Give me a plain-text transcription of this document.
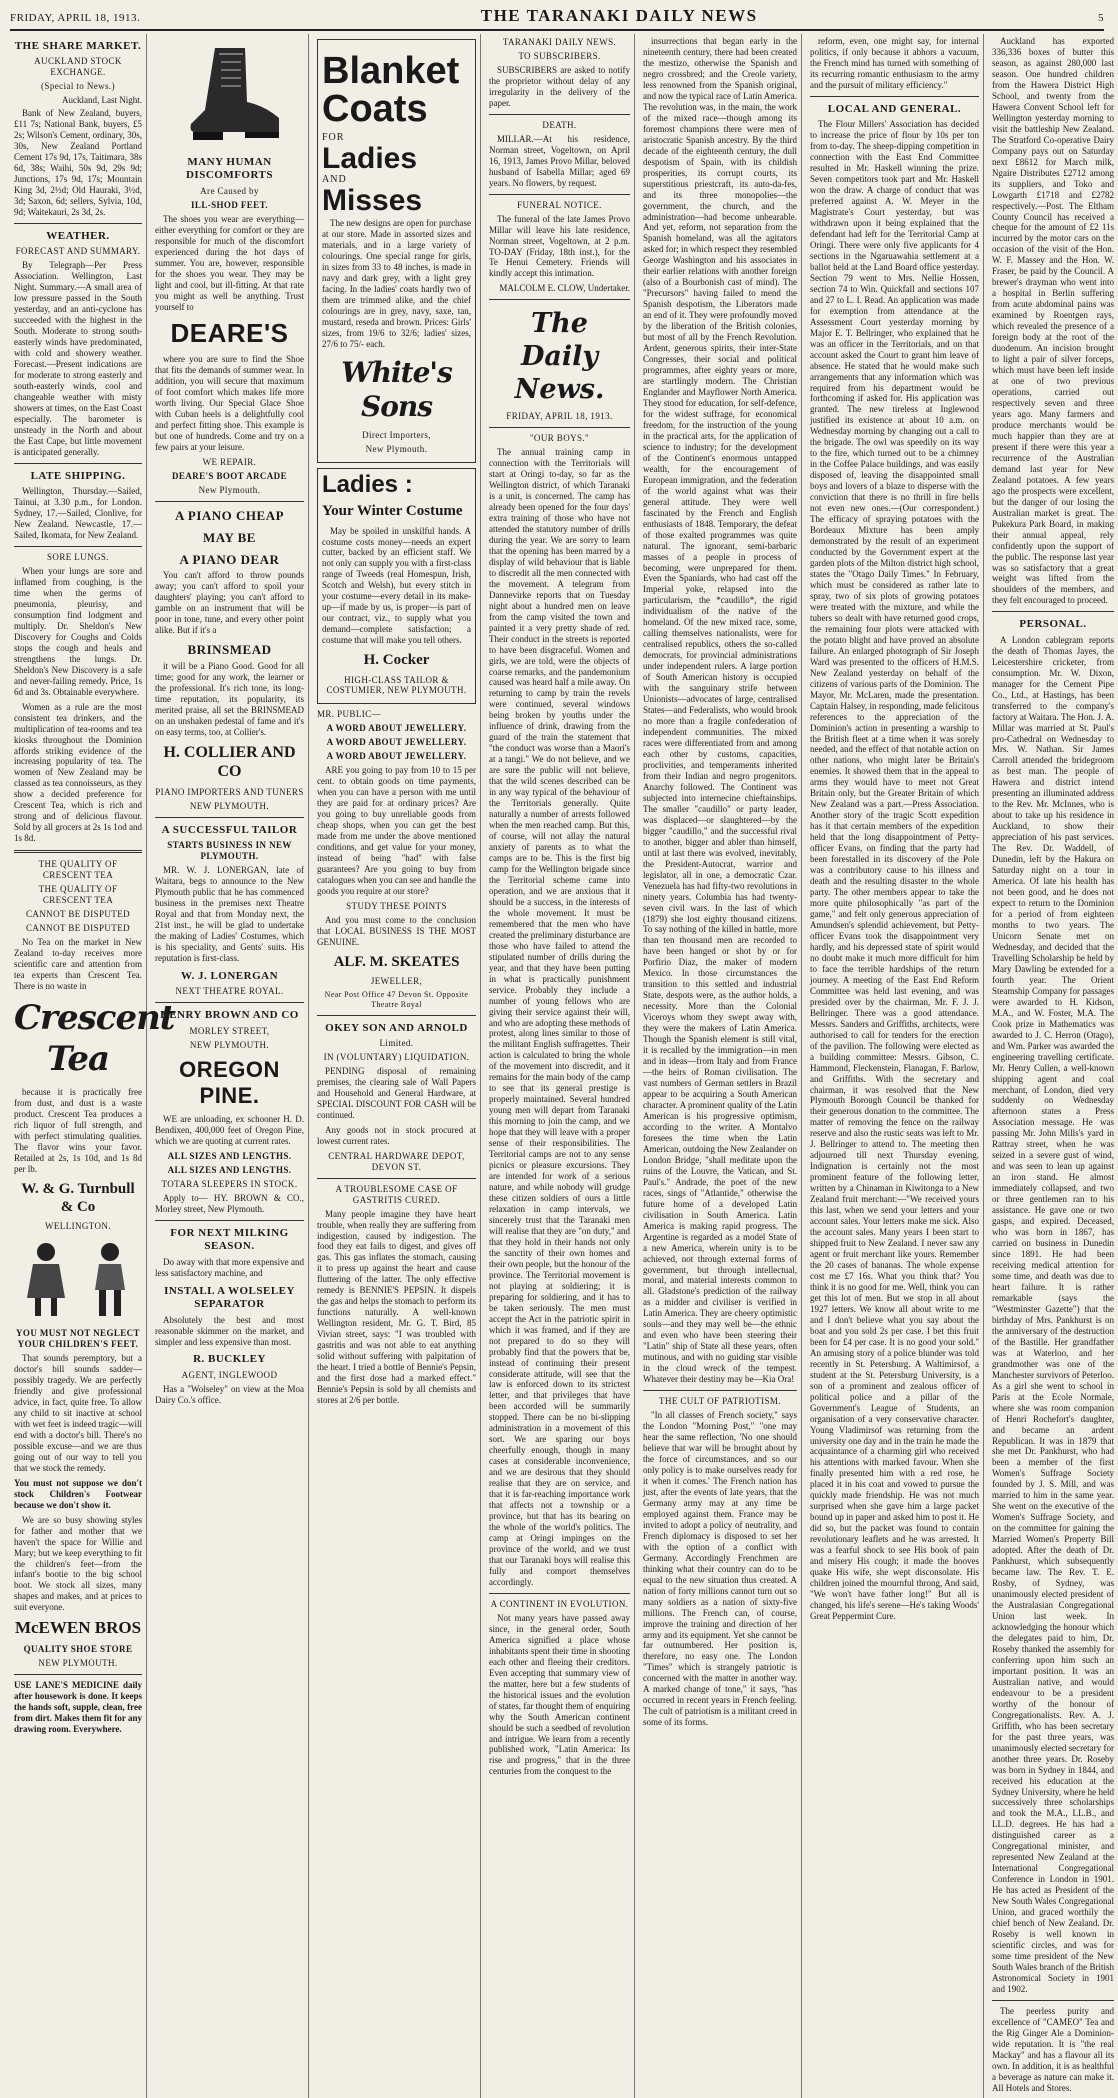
FRIDAY, APRIL 18, 1913.	THE TARANAKI DAILY NEWS	5
THE SHARE MARKET.
AUCKLAND STOCK EXCHANGE.
(Special to News.)
Auckland, Last Night.

Bank of New Zealand, buyers, £11 7s; National Bank, buyers, £5 2s; Wilson's Cement, ordinary, 30s, 30s, New Zealand Portland Cement 17s 9d, 17s, Taitimara, 38s 6d, 38s; Waihi, 50s 9d, 29s 9d; Junctions, 17s 9d, 17s; Mountain King 3d, 2½d; Old Hauraki, 3½d, 3d; Saxon, 6d; sellers, Sylvia, 10d, 9d; Waitekauri, 2s 3d, 2s.

WEATHER.
FORECAST AND SUMMARY.

By Telegraph—Per Press Association. Wellington, Last Night. Summary.—A small area of low pressure passed in the South yesterday, and an anti-cyclone has succeeded with the highest in the South. Moderate to strong south-easterly winds have predominated, with cold and showery weather. Forecast.—Present indications are for moderate to strong easterly and south-easterly winds, cool and changeable weather with misty showers at times, on the East Coast especially. The barometer is unsteady in the North and about the East Cape, but little movement is anticipated generally.

LATE SHIPPING.

Wellington, Thursday.—Sailed, Tainui, at 3.30 p.m., for London. Sydney, 17.—Sailed, Clonlive, for New Zealand. Newcastle, 17.—Sailed, Ikomata, for New Zealand.

SORE LUNGS.

When your lungs are sore and inflamed from coughing, is the time when the germs of pneumonia, pleurisy, and consumption find lodgment and multiply. Dr. Sheldon's New Discovery for Coughs and Colds stops the cough and heals and strengthens the lungs. Dr. Sheldon's New Discovery is a safe and never-failing remedy. Price, 1s 6d and 3s. Obtainable everywhere.

Women as a rule are the most consistent tea drinkers, and the multiplication of tea-rooms and tea kiosks throughout the Dominion affords striking evidence of the increasing popularity of tea. The women of New Zealand may be classed as tea connoisseurs, as they show a decided preference for Crescent Tea, which is rich and strong and of delicious flavour. Sold by all grocers at 2s 1s 1od and 1s 8d.

THE QUALITY OF CRESCENT TEA
THE QUALITY OF CRESCENT TEA
CANNOT BE DISPUTED
CANNOT BE DISPUTED

No Tea on the market in New Zealand to-day receives more scientific care and attention from tea experts than Crescent Tea. There is no waste in

Crescent Tea

because it is practically free from dust, and dust is a waste product. Crescent Tea produces a rich liquor of full strength, and with perfect stimulating qualities. The flavor wins your favor. Retailed at 2s, 1s 10d, and 1s 8d per lb.

W. & G. Turnbull & Co
WELLINGTON.
YOU MUST NOT NEGLECT YOUR CHILDREN'S FEET.

That sounds peremptory, but a doctor's bill sounds sadder—possibly tragedy. We are perfectly friendly and give professional advice, in fact, quite free. To allow any child to sit inactive at school with wet feet is indeed tragic—will end with a doctor's bill. There's no possible excuse—and we are thus going out of our way to tell you that we stock the remedy.

You must not suppose we don't stock Children's Footwear because we don't show it.

We are so busy showing styles for father and mother that we haven't the space for Willie and Mary; but we keep everything to fit the children's feet—from the infant's bootie to the big school boot. We stock all sizes, many shapes and makes, and at prices to suit everyone.

McEWEN BROS
QUALITY SHOE STORE
NEW PLYMOUTH.

USE LANE'S MEDICINE daily after housework is done. It keeps the hands soft, supple, clean, free from dirt. Makes them fit for any drawing room. Everywhere.

MANY HUMAN DISCOMFORTS
Are Caused by
ILL-SHOD FEET.

The shoes you wear are everything—either everything for comfort or they are responsible for much of the discomfort experienced during the hot days of summer. You are, however, responsible for the shoes you wear. They may be light and cool, but ill-fitting. At that rate you might as well be anything. Trust yourself to

DEARE'S

where you are sure to find the Shoe that fits the demands of summer wear. In addition, you will secure that maximum of foot comfort which makes life more worth living. Our Special Glace Shoe with Cuban heels is a delightfully cool and perfect fitting shoe. This example is but one of hundreds. Come and try on a few pairs at your leisure.

WE REPAIR.
DEARE'S BOOT ARCADE
New Plymouth.
A PIANO CHEAP
MAY BE
A PIANO DEAR

You can't afford to throw pounds away; you can't afford to spoil your daughters' playing; you can't afford to gamble on an instrument that will be poor in tone, tune, and every other point alike. But if it's a

BRINSMEAD

it will be a Piano Good. Good for all time; good for any work, the learner or the professional. It's rich tone, its long-time reputation, its popularity, its merited praise, all set the BRINSMEAD on an unshaken pedestal of fame and it's on easy terms, too, at Collier's.

H. COLLIER AND CO
PIANO IMPORTERS AND TUNERS
NEW PLYMOUTH.
A SUCCESSFUL TAILOR
STARTS BUSINESS IN NEW PLYMOUTH.

MR. W. J. LONERGAN, late of Waitara, begs to announce to the New Plymouth public that he has commenced business in the premises next Theatre Royal and that from Monday next, the 21st inst., he will be glad to undertake the making of Ladies' Costumes, which is his speciality, and Gents' suits. His reputation is first-class.

W. J. LONERGAN
NEXT THEATRE ROYAL.
HENRY BROWN AND CO
MORLEY STREET,
NEW PLYMOUTH.
OREGON PINE.

WE are unloading, ex schooner H. D. Bendixen, 400,000 feet of Oregon Pine, which we are quoting at current rates.

ALL SIZES AND LENGTHS.
ALL SIZES AND LENGTHS.
TOTARA SLEEPERS IN STOCK.

Apply to— HY. BROWN & CO., Morley street, New Plymouth.

FOR NEXT MILKING SEASON.

Do away with that more expensive and less satisfactory machine, and

INSTALL A WOLSELEY SEPARATOR

Absolutely the best and most reasonable skimmer on the market, and simpler and less expensive than most.

R. BUCKLEY
AGENT, INGLEWOOD

Has a "Wolseley" on view at the Moa Dairy Co.'s office.

Blanket Coats
FOR
Ladies
AND
Misses

The new designs are open for purchase at our store. Made in assorted sizes and materials, and in a large variety of colourings. One special range for girls, in sizes from 33 to 48 inches, is made in navy and dark grey, with a light grey facing. In the ladies' coats hardly two of them are trimmed alike, and the chief colourings are in grey, navy, saxe, tan, mustard, reseda and brown. Prices: Girls' sizes, from 19/6 to 32/6; ladies' sizes, 27/6 to 75/- each.

White's Sons
Direct Importers,
New Plymouth.
Ladies :
Your Winter Costume

May be spoiled in unskilful hands. A costume costs money—needs an expert cutter, backed by an efficient staff. We not only can supply you with a first-class range of Tweeds (real Homespun, Irish, Scotch and Welsh), but every stitch in your costume—every detail in its make-up—if made by us, is proper—is part of our contract, viz., to supply what you demand—complete satisfaction; a costume that will make you tell others.

H. Cocker
HIGH-CLASS TAILOR & COSTUMIER, NEW PLYMOUTH.
MR. PUBLIC—
A WORD ABOUT JEWELLERY.
A WORD ABOUT JEWELLERY.
A WORD ABOUT JEWELLERY.

ARE you going to pay from 10 to 15 per cent. to obtain goods on time payments, when you can have a person with me until they are paid for at ordinary prices? Are you going to buy unreliable goods from cheap shops, when you can get the best made from me under the above mentioned conditions, and get value for your money, instead of being "had" with false guarantees? Are you going to buy from catalogues when you can see and handle the goods you require at our store?

STUDY THESE POINTS

And you must come to the conclusion that LOCAL BUSINESS IS THE MOST GENUINE.

ALF. M. SKEATES
JEWELLER,
Near Post Office 47 Devon St. Opposite Theatre Royal
OKEY SON AND ARNOLD
Limited.
IN (VOLUNTARY) LIQUIDATION.

PENDING disposal of remaining premises, the clearing sale of Wall Papers and Household and General Hardware, at SPECIAL DISCOUNT FOR CASH will be continued.

Any goods not in stock procured at lowest current rates.

CENTRAL HARDWARE DEPOT, DEVON ST.
A TROUBLESOME CASE OF GASTRITIS CURED.

Many people imagine they have heart trouble, when really they are suffering from indigestion, caused by indigestion. The food they eat fails to digest, and gives off gas. This gas inflates the stomach, causing it to press up against the heart and cause fluttering of the latter. The only effective remedy is BENNIE'S PEPSIN. It dispels the gas and helps the stomach to perform its functions naturally. A well-known Wellington resident, Mr. G. T. Bird, 85 Vivian street, says: "I was troubled with gastritis and was not able to eat anything solid without suffering with palpitation of the heart. I tried a bottle of Bennie's Pepsin, and the first dose had a marked effect." Bennie's Pepsin is sold by all chemists and stores at 2/6 per bottle.

TARANAKI DAILY NEWS.
TO SUBSCRIBERS.

SUBSCRIBERS are asked to notify the proprietor without delay of any irregularity in the delivery of the paper.

DEATH.

MILLAR.—At his residence, Norman street, Vogeltown, on April 16, 1913, James Provo Millar, beloved husband of Isabella Millar; aged 69 years. No flowers, by request.

FUNERAL NOTICE.

The funeral of the late James Provo Millar will leave his late residence, Norman street, Vogeltown, at 2 p.m. TO-DAY (Friday, 18th inst.), for the Te Henui Cemetery. Friends will kindly accept this intimation.

MALCOLM E. CLOW, Undertaker.
The Daily News.
FRIDAY, APRIL 18, 1913.
"OUR BOYS."

The annual training camp in connection with the Territorials will start at Oringi to-day, so far as the Wellington district, of which Taranaki is a unit, is concerned. The camp has already been opened for the four days' extra training of those who have not attended the statutory number of drills during the year. We are sorry to learn that the opening has been marred by a display of wild behaviour that is liable to discredit all the men connected with the movement. A telegram from Dannevirke reports that on Tuesday night about a hundred men on leave from the camp visited the town and painted it a very pretty shade of red. Their conduct in the streets is reported to have been disgraceful. Women and girls, we are told, were the objects of coarse remarks, and the pandemonium caused was heard half a mile away. On returning to camp by train the revels were continued, several windows being broken by youths under the influence of drink, drawing from the guard of the train the statement that "the conduct was worse than a Maori's at a tangi." We do not believe, and we are sure the public will not believe, that the wild scenes described can be in any way typical of the behaviour of the Territorials generally. Quite naturally a number of arrests followed when the men reached camp. But this, of course, will not allay the natural anxiety of parents as to what the camps are to be. This is the first big camp for the Wellington brigade since the Territorial scheme came into operation, and we are anxious that it should be a success, in the interests of the whole movement. It must be remembered that the men who have created the preliminary disturbance are those who have failed to attend the stipulated number of drills during the year, and that they have been putting in what is practically punishment service. Probably they include a number of young fellows who are giving their service against their will, and who are adopting these methods of protest, along lines similar to those of the militant English suffragettes. Their action is calculated to bring the whole of the movement into discredit, and it remains for the main body of the camp to see that its general prestige is properly maintained. Several hundred young men will depart from Taranaki this morning to join the camp, and we hope that they will leave with a proper sense of their responsibilities. The Territorial camps are not to any sense picnics or pleasure excursions. They are intended for work of a serious nature, and while nobody will grudge these citizen soldiers of ours a little relaxation in camp intervals, we sincerely trust that the Taranaki men will realise that they are "on duty," and that they hold in their hands not only the sanctity of their own homes and their own people, but the honour of the province. The Territorial movement is not playing at soldiering; it is preparing for soldiering, and it has to be taken seriously. The men must accept the Act in the patriotic spirit in which it was framed, and if they are not prepared to do so they will probably find that the powers that be, instead of continuing their present considerate attitude, will see that the law is enforced down to its strictest letter, and that privileges that have been accorded will be summarily stopped. There can be no bi-slipping administration in a movement of this sort. We are sparing our boys cheerfully enough, though in many cases at considerable inconvenience, and we are desirous that they should realise that they are on service, and that it is far-reaching importance work that affects not a township or a province, but that has its bearing on the whole of the world's politics. The camp at Oringi impinges on the province of the world, and we trust that our Taranaki boys will realise this fully and comport themselves accordingly.

A CONTINENT IN EVOLUTION.

Not many years have passed away since, in the general order, South America signified a place whose inhabitants spent their time in shooting each other and fleeing their creditors. Even accepting that summary view of the matter, here but a few students of the historical issues and the evolution of states, far thought them of enquiring why the South American continent should be such a seedbed of revolution and intrigue. We learn from a recently published work, "Latin America: Its rise and progress," that in the three centuries from the conquest to the

insurrections that began early in the nineteenth century, there had been created the mestizo, otherwise the Spanish and negro crossbred; and the Creole variety, less renowned from the Spanish original, and now the typical race of Latin America. The revolution was, in the main, the work of the mixed race—though among its foremost champions there were men of aristocratic Spanish ancestry. By the third decade of the eighteenth century, the dull despotism of Spain, with its childish prosperities, its corrupt courts, its superstitious priestcraft, its auto-da-fes, and its three monopolies—the government, the church, and the administration—had become unbearable. And yet, reform, not separation from the Spanish homeland, was all the agitators asked for; in which respect they resembled George Washington and his associates in their earlier relations with another foreign (also of a Bourbonish cast of mind). The "Precursors" having failed to mend the Spanish despotism, the Liberators made an end of it. They were profoundly moved by the liberation of the British colonies, but most of all by the French Revolution. Ardent, generous spirits, their inter-State Congresses, their social and political programmes, after eighty years or more, are startlingly modern. The Christian Englander and Mayflower North America. They stood for education, for self-defence, for the widest suffrage, for economical freedom, for the instruction of the young in the practical arts, for the application of science to industry; for the development of the Continent's enormous untapped wealth, for the encouragement of European immigration, and the federation of the world against what was their general attitude. They were well fascinated by the French and English enthusiasts of 1848. Temporary, the defeat of those exalted programmes was quite natural. The ignorant, semi-barbaric masses of a people in process of becoming, were unprepared for them. Even the Spaniards, who had cast off the Imperial yoke, relapsed into the particularism, the *caudillo*, the rigid individualism of the native of the homeland. Of the new mixed race, some, calling themselves nationalists, were for centralised republics, others the so-called democrats, for provincial administrations under independent rulers. A large portion of South American history is occupied with the sanguinary strife between Unionists—advocates of large, centralised States—and Federalists, who would brook no more than a fragile confederation of independent communities. The mixed races were differentiated from and among each other by customs, capacities, proclivities, and temperaments inherited from their Indian and negro progenitors. Anarchy followed. The Continent was subjected into internecine chieftainships. The smaller "caudillo" or party leader, was displaced—or slaughtered—by the bigger "caudillo," and the successful rival to another, bigger and abler than himself, until at last there was evolved, inevitably, the President-Autocrat, warrior and legislator, all in one, a democratic Czar. Venezuela has had fifty-two revolutions in ninety years. Columbia has had twenty-seven civil wars. In the last of which (1879) she lost eighty thousand citizens. To say nothing of the killed in battle, more than ten thousand men are recorded to have been hanged or shot by or for Porfirio Diaz, the maker of modern Mexico. In those circumstances the transition to this settled and industrial State, despots were, as the author holds, a necessity. More than the Colonial Viceroys whom they swept away with, they were the makers of Latin America. Though the Spanish element is still vital, it is recalled by the immigration—in men and in ideas—from Italy and from France—the heirs of Roman civilisation. The vast numbers of German settlers in Brazil appear to be acquiring a South American character. A prominent quality of the Latin American is his progressive optimism, according to the writer. A Montalvo foresees the time when the Latin American, outdoing the New Zealander on London Bridge, "shall meditate upon the ruins of the Louvre, the Vatican, and St. Paul's." Andrade, the poet of the new races, sings of "Atlantide," otherwise the future home of a developed Latin civilisation in South America. Latin America is making rapid progress. The Argentine is regarded as a model State of a new America, wherein unity is to be achieved, not through external forms of government, but through intellectual, moral, and material interests common to all. Gladstone's prediction of the railway as a midder and civiliser is verified in Latin America. They are cheery optimistic souls—and they may well be—the ethnic and even who have been steering their "Latin" ship of State all these years, often mutinous, and with no guiding star visible in the cloud wreck of the tempest. Whatever their destiny may be—Kia Ora!

THE CULT OF PATRIOTISM.

"In all classes of French society," says the London "Morning Post," "one may hear the same reflection, 'No one should believe that war will be brought about by the force of circumstances, and so our only policy is to make ourselves ready for it when it comes.' The French nation has just, after the events of late years, that the Germany army may at any time be employed against them. France may be invited to adopt a policy of neutrality, and French diplomacy is disposed to set her with the option of a conflict with Germany. Accordingly Frenchmen are thinking what their country can do to be equal to the new situation thus created. A nation of forty millions cannot turn out so many soldiers as a nation of sixty-five millions. The French can, of course, improve the training and direction of her army and its equipment. Yet she cannot be far outnumbered. Her position is, therefore, no easy one. The London "Times" which is strangely patriotic is concerned with the matter in another way. A marked change of tone," it says, "has occurred in recent years in French feeling. The cult of patriotism is a militant creed in some of its forms.

reform, even, one might say, for internal politics, if only because it abhors a vacuum, the French mind has turned with something of its recurring romantic enthusiasm to the army and the pursuit of military efficiency."

LOCAL AND GENERAL.

The Flour Millers' Association has decided to increase the price of flour by 10s per ton from to-day. The sheep-dipping competition in connection with the East End Committee resulted in Mr. Haskell winning the prize. Seven competitors took part and Mr. Haskell won the draw. A charge of conduct that was preferred against A. W. Meyer in the Magistrate's Court yesterday, but was withdrawn upon it being explained that the defendant had left for the Territorial Camp at Oringi. There were only five applicants for 4 sections in the Ngaruawahia settlement at a ballot held at the Land Board office yesterday. Section 79 went to Mrs. Nellie Hossen, section 74 to Win. Quickfall and sections 107 and 27 to L. I. Read. An application was made for exemption from attendance at the Assessment Court yesterday morning by Major E. T. Bellringer, who explained that he was an officer in the Territorials, and on that account asked the Court to grant him leave of absence. He stated that he would make such arrangements that any information which was required from his department would be forthcoming if asked for. His application was granted. The new tireless at Inglewood justified its existence at about 10 a.m. on Wednesday morning by changing out a call to the brigade. The owl was speedily on its way to the fire, which turned out to be a chimney in the Coffee Palace buildings, and was easily disposed of, leaving the disappointed small boys and lovers of a blaze to disperse with the conviction that there is no thrill in fire bells not even new ones.—(Our correspondent.) The efficacy of spraying potatoes with the Bordeaux Mixture has been amply demonstrated by the result of an experiment conducted by the Government expert at the garden plots of the Milton district high school, states the "Otago Daily Times." In February, which must be considered as rather late to spray, two of six plots of growing potatoes were treated with the mixture, and while the tubers so dealt with have returned good crops, the remaining four plots were attacked with the potato blight and have proved an absolute failure. An enlarged photograph of Sir Joseph Ward was presented to the officers of H.M.S. New Zealand yesterday on behalf of the citizens of various parts of the Dominion. The Mayor, Mr. McLaren, made the presentation. Captain Halsey, in responding, made felicitous references to the appreciation of the Dominion's action in presenting a warship to the British fleet at a time when it was sorely needed, and the effect of that notable action on other nations, who might later be Britain's enemies. It showed them that in the appeal to arms they would have to meet not Great Britain only, but the Greater Britain of which New Zealand was a part.—Press Association. Another story of the tragic Scott expedition has it that certain members of the expedition held that the long disappointment of Petty-officer Evans, on finding that the party had been forestalled in its discovery of the Pole was a contributory cause to his illness and death and the resulting disaster to the whole party. The other members appear to take the more quite philosophically "as part of the game," and felt only generous appreciation of Amundsen's splendid achievement, but Petty-officer Evans took the disappointment very hardly, and his depressed state of spirit would no doubt make it much more difficult for him to face the terrible hardships of the return journey. A meeting of the East End Reform Committee was held last evening, and was presided over by the chairman, Mr. F. J. J. Bellringer. There was a good attendance. Messrs. Sanders and Griffiths, architects, were authorised to call for tenders for the erection of the pavilion. The following were elected as a building committee: Messrs. Gibson, C. Hammond, Fleckenstein, Flanagan, F. Barlow, and Griffiths. With the secretary and chairman, it was resolved that the New Plymouth Borough Council be thanked for their generous donation to the committee. The matter of removing the fence on the railway reserve and also the rustic seats was left to Mr. J. Bellringer to attend to. The meeting then adjourned till next Thursday evening. Indignation is certainly not the most prominent feature of the following letter, written by a Chinaman in Kiwitonga to a New Zealand fruit merchant:—"We received yours this last, when we send your letters and your account sales. Your letters make me sick. Also the account sales. Many years I been start to shipped fruit to New Zealand. I never saw any agent or fruit merchant like yours. Remember the 20 cases of bananas. The whole expense cost me £7 16s. What you think that? You think it is no good for me. Well, think you can get this lot of men. But we stop in all about 1927 letters. We know all about write to me and I don't believe what you say about the boat and you sold 2s per case. I bet this fruit been for £4 per case. It is no good your sold." An amusing story of a police blunder was told recently in St. Petersburg. A Waltimirsof, a student at the St. Petersburg University, is a son of a prominent and zealous officer of political police and a pillar of the Government's League of Students, an organisation of a very conservative character. Young Vladimirsof was returning from the university one day and in the train he made the acquaintance of a charming girl who received his attentions with marked favour. When she finally presented him with a red rose, he placed it in his coat and vowed to pursue the quickly made friendship. He was not much surprised when she gave him a large packet bound up in paper and asked him to post it. He did so, but the packet was found to contain revolutionary leaflets and he was arrested. It was a fearful shock to see His book of pain and misery His cough; it made the hooves quake His wife, she wept disconsolate. His children joined the mournful throng, And said, "We won't have father long!" But all is changed, his life's serene—He's taking Woods' Great Peppermint Cure.

Auckland has exported 336,336 boxes of butter this season, as against 280,000 last season. One hundred children from the Hawera District High School, and twenty from the Hawera Convent School left for Wellington yesterday morning to visit the battleship New Zealand. The Stratford Co-operative Dairy Company pays out on Saturday next £8612 for March milk, Ngaire Distributes £2712 among its suppliers, and Toko and Lowgarth £1718 and £2782 respectively.—Post. The Eltham County Council has received a cheque for the amount of £2 11s incurred by the motor cars on the occasion of the visit of the Hon. W. F. Massey and the Hon. W. Fraser, be paid by the Council. A brewer's drayman who went into a hospital in Berlin suffering from acute abdominal pains was examined by Roentgen rays, which revealed the presence of a foreign body at the root of the duodenum. An incision brought to light a pair of silver forceps, which must have been left inside at one of two previous operations, carried out respectively seven and three years ago. Many farmers and produce merchants would be much happier than they are at present if there were this year a recurrence of the Australian demand last year for New Zealand potatoes. A few years ago the prospects were excellent, but the danger of our losing the Australian market is great. The Pukekura Park Board, in making their annual appeal, rely confidently upon the support of the public. The response last year was so satisfactory that a great weight was lifted from the shoulders of the members, and they felt encouraged to proceed.

PERSONAL.

A London cablegram reports the death of Thomas Jayes, the Leicestershire cricketer, from consumption. Mr. W. Dixon, manager for the Cement Pipe Co., Ltd., at Hastings, has been transferred to the company's factory at Waitara. The Hon. J. A. Millar was married at St. Paul's pro-Cathedral on Wednesday to Mrs. W. Nathan. Sir James Carroll attended the bridegroom as best man. The people of Hawera and district intend presenting an illuminated address to the Rev. Mr. McInnes, who is about to take up his residence in Auckland, to show their appreciation of his past services. The Rev. Dr. Waddell, of Dunedin, left by the Hakura on Saturday night on a tour in America. Of late his health has not been good, and he does not expect to return to the Dominion for a period of from eighteen months to two years. The Unicorn Senate met on Wednesday, and decided that the Travelling Scholarship be held by Mary Dawling be extended for a fourth year. The Orient Steamship Company for passages were awarded to H. Kidson, M.A., and W. Foster, M.A. The Cook prize in Mathematics was awarded to J. C. Herron (Otago), and Wm. Parker was awarded the engineering travelling certificate. Mr. Henry Cullen, a well-known shipping agent and coal merchant, of London, died very suddenly on Wednesday afternoon states a Press Association message. He was passing Mr. John Mills's yard in Rattray street, when he was seized in a severe gust of wind, and was seen to lean up against an iron stand. He almost immediately collapsed, and two or three gentlemen ran to his assistance. He gave one or two gasps, and expired. Deceased, who was born in 1867, has carried on business in Dunedin since 1891. He had been receiving medical attention for some time, and death was due to heart failure. It is rather remarkable (says the "Westminster Gazette") that the birthday of Mrs. Pankhurst is on the anniversary of the destruction of the Bastille. Her grandfather was at Waterloo, and her grandmother was one of the Manchester survivors of Peterloo. As a girl she went to school in Paris at the Ecole Normale, where she was room companion of Henri Rochefort's daughter, and became an ardent Republican. It was in 1879 that she met Dr. Pankhurst, who had been a member of the first Women's Suffrage Society founded by J. S. Mill, and was married to him in the same year. She went on the executive of the Women's Suffrage Society, and on the committee for gaining the Married Women's Property Bill adopted. After the death of Dr. Pankhurst, which subsequently became law. The Rev. T. E. Rosby, of Sydney, was unanimously elected president of the Australasian Congregational Union last week. In acknowledging the honour which the delegates paid to him, Dr. Roseby thanked the assembly for conferring upon him such an important position. It was an Australian native, and would endeavour to be a president worthy of the honour of Congregationalists. Rev. A. J. Griffith, who has been secretary for the past three years, was unanimously elected secretary for another three years. Dr. Roseby was born in Sydney in 1844, and received his education at the Sydney University, where he held successively three scholarships and took the M.A., LL.B., and LL.D. degrees. He has had a distinguished career as a Congregational minister, and represented New Zealand at the International Congregational Conference in London in 1901. He has acted as President of the New South Wales Congregational Union, and graced worthily the chief bench of New Zealand. Dr. Roseby is well known in scientific circles, and was for some time president of the New South Wales branch of the British Astronomical Society in 1901 and 1902.

The peerless purity and excellence of "CAMEO" Tea and the Rig Ginger Ale a Dominion-wide reputation. It is "the real Mackay" and has a flavour all its own. In addition, it is as healthful a beverage as nature can make it. All Hotels and Stores.
